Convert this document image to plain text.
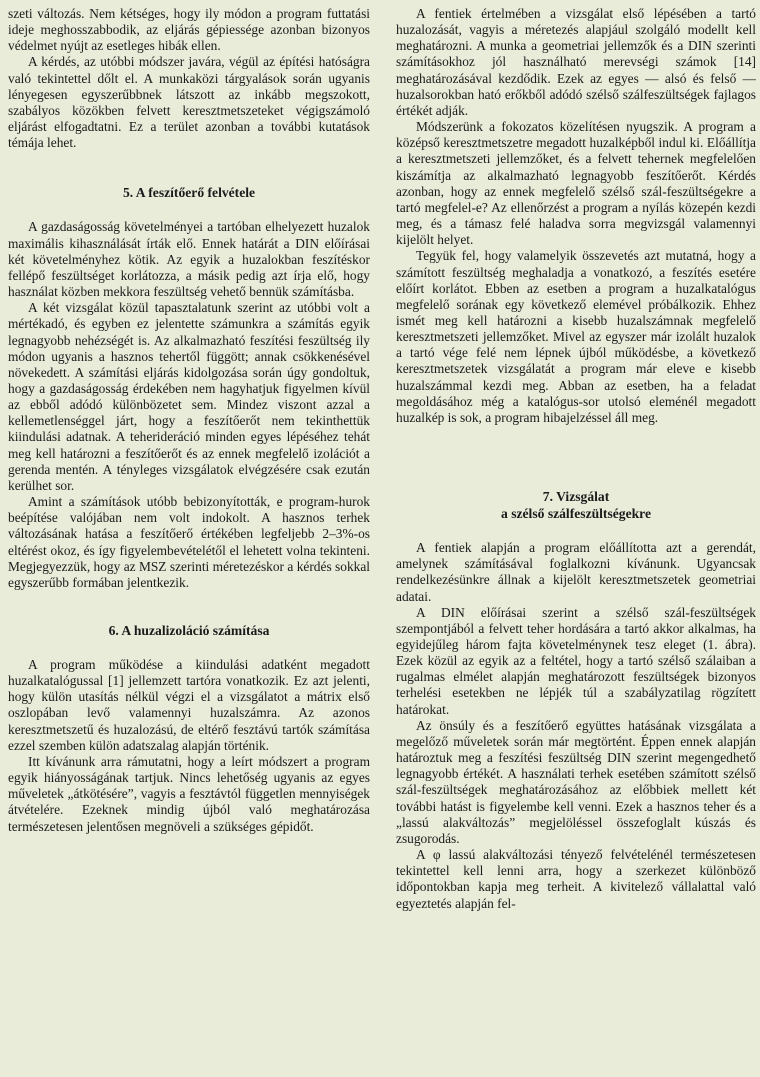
szeti változás. Nem kétséges, hogy ily módon a program futtatási ideje meghosszabbodik, az eljárás gépiessége azonban bizonyos védelmet nyújt az esetleges hibák ellen.

A kérdés, az utóbbi módszer javára, végül az építési hatóságra való tekintettel dőlt el. A munkaközi tárgyalások során ugyanis lényegesen egyszerűbbnek látszott az inkább megszokott, szabályos közökben felvett keresztmetszeteket végigszámoló eljárást elfogadtatni. Ez a terület azonban a további kutatások témája lehet.

5. A feszítőerő felvétele

A gazdaságosság követelményei a tartóban elhelyezett huzalok maximális kihasználását írták elő. Ennek határát a DIN előírásai két követelményhez kötik. Az egyik a huzalokban feszítéskor fellépő feszültséget korlátozza, a másik pedig azt írja elő, hogy használat közben mekkora feszültség vehető bennük számításba.

A két vizsgálat közül tapasztalatunk szerint az utóbbi volt a mértékadó, és egyben ez jelentette számunkra a számítás egyik legnagyobb nehézségét is. Az alkalmazható feszítési feszültség ily módon ugyanis a hasznos tehertől függött; annak csökkenésével növekedett. A számítási eljárás kidolgozása során úgy gondoltuk, hogy a gazdaságosság érdekében nem hagyhatjuk figyelmen kívül az ebből adódó különbözetet sem. Mindez viszont azzal a kellemetlenséggel járt, hogy a feszítőerőt nem tekinthettük kiindulási adatnak. A teherideráció minden egyes lépéséhez tehát meg kell határozni a feszítőerőt és az ennek megfelelő izolációt a gerenda mentén. A tényleges vizsgálatok elvégzésére csak ezután kerülhet sor.

Amint a számítások utóbb bebizonyították, e program-hurok beépítése valójában nem volt indokolt. A hasznos terhek változásának hatása a feszítőerő értékében legfeljebb 2–3%-os eltérést okoz, és így figyelembevételétől el lehetett volna tekinteni. Megjegyezzük, hogy az MSZ szerinti méretezéskor a kérdés sokkal egyszerűbb formában jelentkezik.

6. A huzalizoláció számítása

A program működése a kiindulási adatként megadott huzalkatalógussal [1] jellemzett tartóra vonatkozik. Ez azt jelenti, hogy külön utasítás nélkül végzi el a vizsgálatot a mátrix első oszlopában levő valamennyi huzalszámra. Az azonos keresztmetszetű és huzalozású, de eltérő fesztávú tartók számítása ezzel szemben külön adatszalag alapján történik.

Itt kívánunk arra rámutatni, hogy a leírt módszert a program egyik hiányosságának tartjuk. Nincs lehetőség ugyanis az egyes műveletek „átkötésére”, vagyis a fesztávtól független mennyiségek átvételére. Ezeknek mindig újból való meghatározása természetesen jelentősen megnöveli a szükséges gépidőt.

A fentiek értelmében a vizsgálat első lépésében a tartó huzalozását, vagyis a méretezés alapjául szolgáló modellt kell meghatározni. A munka a geometriai jellemzők és a DIN szerinti számításokhoz jól használható merevségi számok [14] meghatározásával kezdődik. Ezek az egyes — alsó és felső — huzalsorokban ható erőkből adódó szélső szálfeszültségek fajlagos értékét adják.

Módszerünk a fokozatos közelítésen nyugszik. A program a középső keresztmetszetre megadott huzalképből indul ki. Előállítja a keresztmetszeti jellemzőket, és a felvett tehernek megfelelően kiszámítja az alkalmazható legnagyobb feszítőerőt. Kérdés azonban, hogy az ennek megfelelő szélső szál-feszültségekre a tartó megfelel-e? Az ellenőrzést a program a nyílás közepén kezdi meg, és a támasz felé haladva sorra megvizsgál valamennyi kijelölt helyet.

Tegyük fel, hogy valamelyik összevetés azt mutatná, hogy a számított feszültség meghaladja a vonatkozó, a feszítés esetére előírt korlátot. Ebben az esetben a program a huzalkatalógus megfelelő sorának egy következő elemével próbálkozik. Ehhez ismét meg kell határozni a kisebb huzalszámnak megfelelő keresztmetszeti jellemzőket. Mivel az egyszer már izolált huzalok a tartó vége felé nem lépnek újból működésbe, a következő keresztmetszetek vizsgálatát a program már eleve e kisebb huzalszámmal kezdi meg. Abban az esetben, ha a feladat megoldásához még a katalógus-sor utolsó eleménél megadott huzalkép is sok, a program hibajelzéssel áll meg.

7. Vizsgálat
a szélső szálfeszültségekre

A fentiek alapján a program előállította azt a gerendát, amelynek számításával foglalkozni kívánunk. Ugyancsak rendelkezésünkre állnak a kijelölt keresztmetszetek geometriai adatai.

A DIN előírásai szerint a szélső szál-feszültségek szempontjából a felvett teher hordására a tartó akkor alkalmas, ha egyidejűleg három fajta követelménynek tesz eleget (1. ábra). Ezek közül az egyik az a feltétel, hogy a tartó szélső szálaiban a rugalmas elmélet alapján meghatározott feszültségek bizonyos terhelési esetekben ne lépjék túl a szabályzatilag rögzített határokat.

Az önsúly és a feszítőerő együttes hatásának vizsgálata a megelőző műveletek során már megtörtént. Éppen ennek alapján határoztuk meg a feszítési feszültség DIN szerint megengedhető legnagyobb értékét. A használati terhek esetében számított szélső szál-feszültségek meghatározásához az előbbiek mellett két további hatást is figyelembe kell venni. Ezek a hasznos teher és a „lassú alakváltozás” megjelöléssel összefoglalt kúszás és zsugorodás.

A φ lassú alakváltozási tényező felvételénél természetesen tekintettel kell lenni arra, hogy a szerkezet különböző időpontokban kapja meg terheit. A kivitelező vállalattal való egyeztetés alapján fel-
